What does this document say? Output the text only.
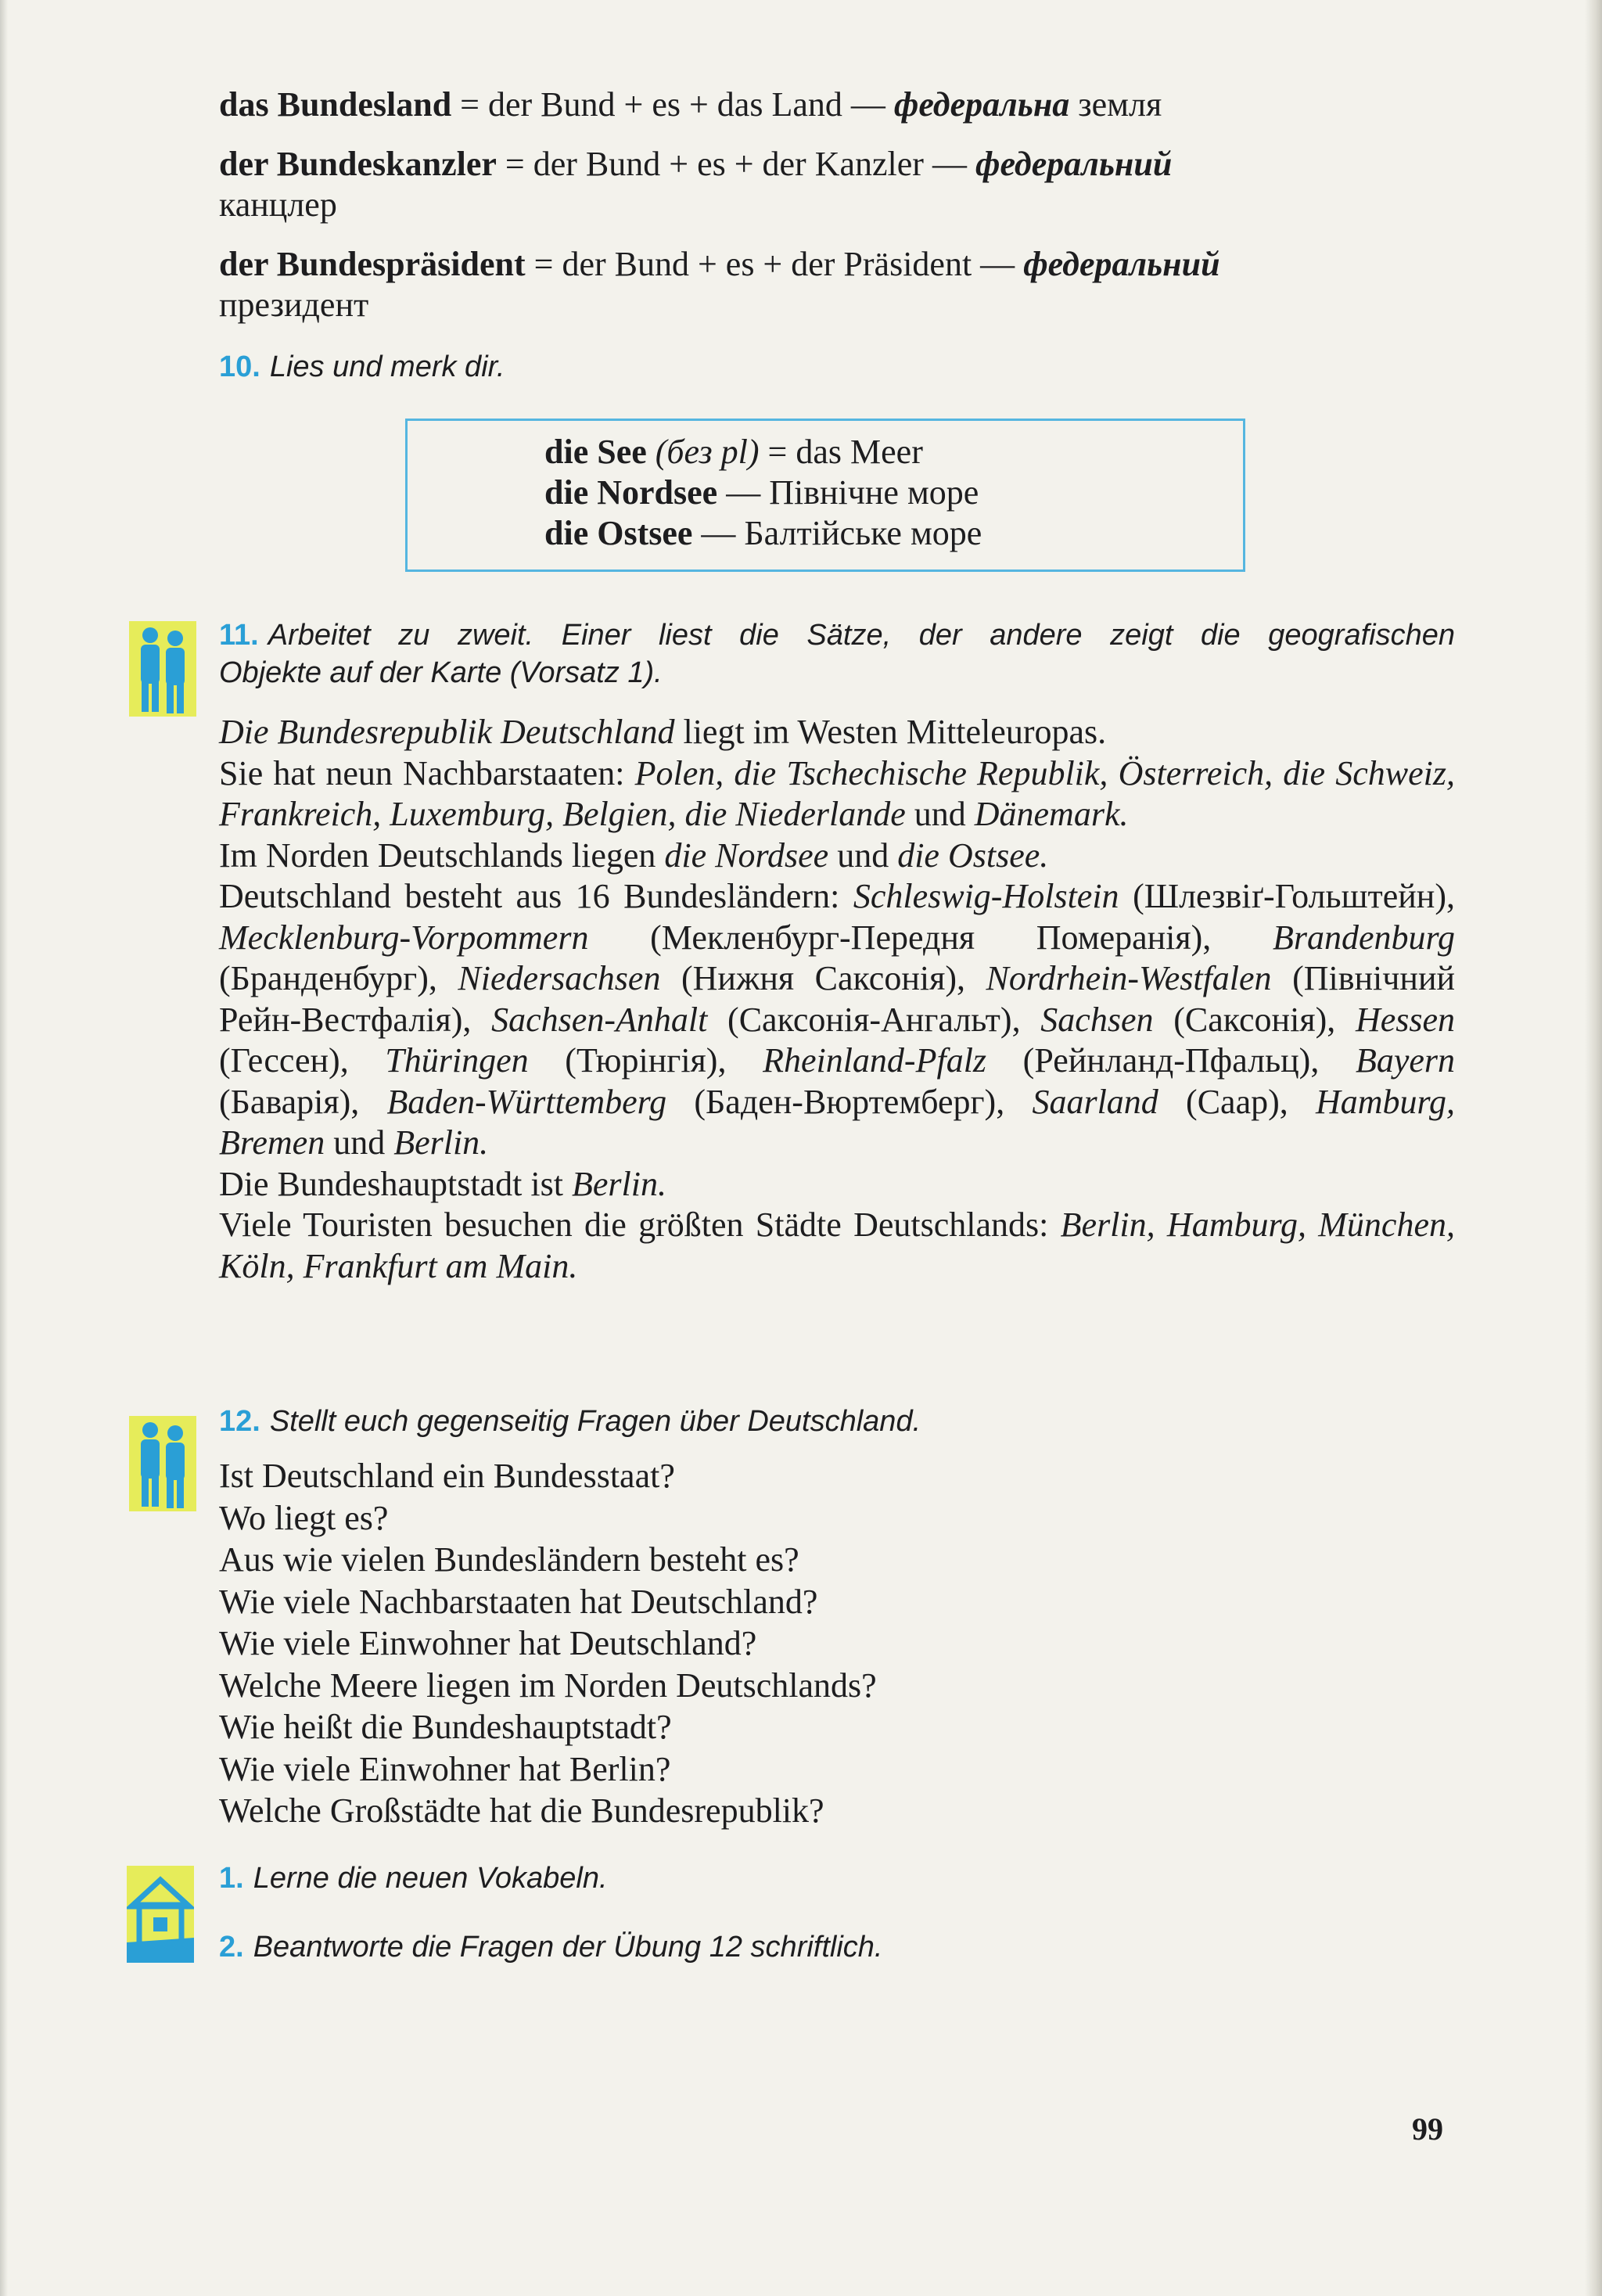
das Bundesland = der Bund + es + das Land — федеральна земля

der Bundeskanzler = der Bund + es + der Kanzler — федеральний
канцлер

der Bundespräsident = der Bund + es + der Präsident — федеральний
президент

10. Lies und merk dir.

die See (без pl) = das Meer

die Nordsee — Північне море

die Ostsee — Балтійське море

11. Arbeitet zu zweit. Einer liest die Sätze, der andere zeigt die geografischen
Objekte auf der Karte (Vorsatz 1).

Die Bundesrepublik Deutschland liegt im Westen Mitteleuropas.

Sie hat neun Nachbarstaaten: Polen, die Tschechische Republik, Österreich, die Schweiz, Frankreich, Luxemburg, Belgien, die Niederlande und Dänemark.

Im Norden Deutschlands liegen die Nordsee und die Ostsee.

Deutschland besteht aus 16 Bundesländern: Schleswig-Holstein (Шлезвіґ-Гольштейн), Mecklenburg-Vorpommern (Мекленбург-Передня Померанія), Brandenburg (Бранденбург), Niedersachsen (Нижня Саксонія), Nordrhein-Westfalen (Північний Рейн-Вестфалія), Sachsen-Anhalt (Саксонія-Ангальт), Sachsen (Саксонія), Hessen (Гессен), Thüringen (Тюрінгія), Rheinland-Pfalz (Рейнланд-Пфальц), Bayern (Баварія), Baden-Württemberg (Баден-Вюртемберг), Saarland (Саар), Hamburg, Bremen und Berlin.

Die Bundeshauptstadt ist Berlin.

Viele Touristen besuchen die größten Städte Deutschlands: Berlin, Hamburg, München, Köln, Frankfurt am Main.

12. Stellt euch gegenseitig Fragen über Deutschland.

Ist Deutschland ein Bundesstaat?

Wo liegt es?

Aus wie vielen Bundesländern besteht es?

Wie viele Nachbarstaaten hat Deutschland?

Wie viele Einwohner hat Deutschland?

Welche Meere liegen im Norden Deutschlands?

Wie heißt die Bundeshauptstadt?

Wie viele Einwohner hat Berlin?

Welche Großstädte hat die Bundesrepublik?

1. Lerne die neuen Vokabeln.
2. Beantworte die Fragen der Übung 12 schriftlich.
99
